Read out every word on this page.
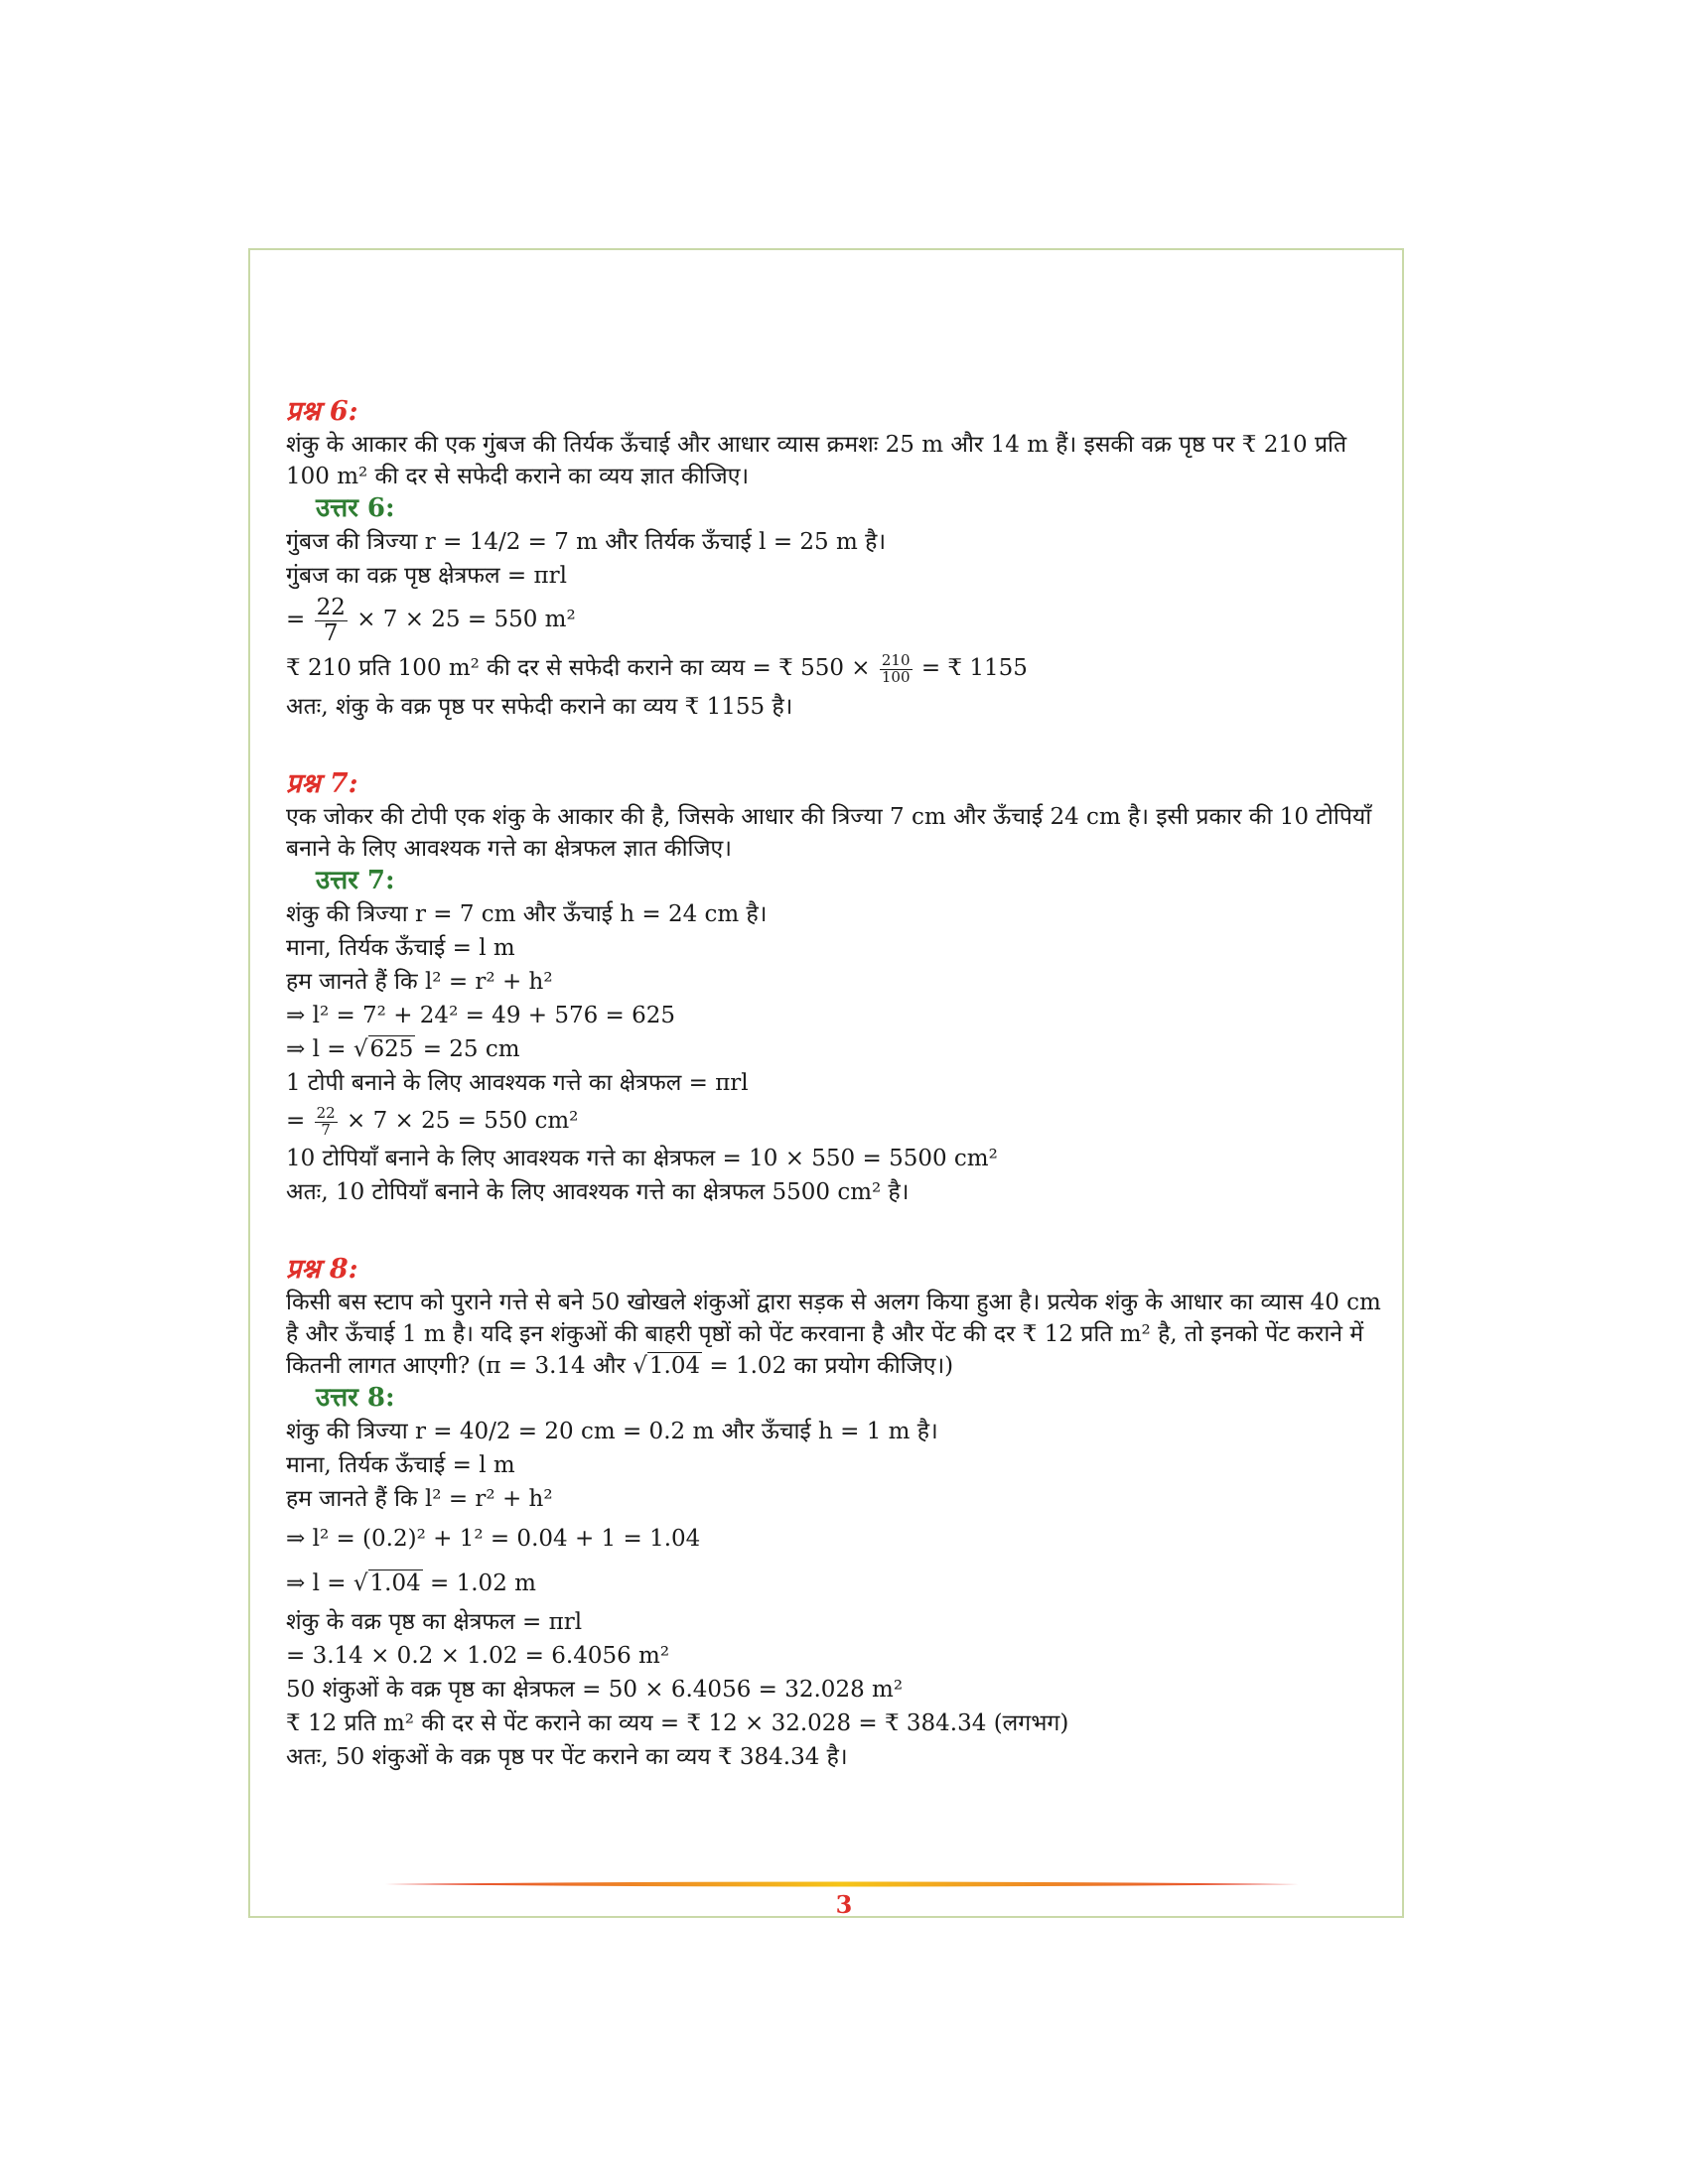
प्रश्न 6:

शंकु के आकार की एक गुंबज की तिर्यक ऊँचाई और आधार व्यास क्रमशः 25 m और 14 m हैं। इसकी वक्र पृष्ठ पर ₹ 210 प्रति 100 m² की दर से सफेदी कराने का व्यय ज्ञात कीजिए।

उत्तर 6:

गुंबज की त्रिज्या r = 14/2 = 7 m और तिर्यक ऊँचाई l = 25 m है।

गुंबज का वक्र पृष्ठ क्षेत्रफल = πrl

= $\frac{22}{7} \times 7 \times 25 = 550$ m²

₹ 210 प्रति 100 m² की दर से सफेदी कराने का व्यय = ₹ $550 \times \frac{210}{100}$ = ₹ 1155

अतः, शंकु के वक्र पृष्ठ पर सफेदी कराने का व्यय ₹ 1155 है।

प्रश्न 7:

एक जोकर की टोपी एक शंकु के आकार की है, जिसके आधार की त्रिज्या 7 cm और ऊँचाई 24 cm है। इसी प्रकार की 10 टोपियाँ बनाने के लिए आवश्यक गत्ते का क्षेत्रफल ज्ञात कीजिए।

उत्तर 7:

शंकु की त्रिज्या r = 7 cm और ऊँचाई h = 24 cm है।

माना, तिर्यक ऊँचाई = l m

हम जानते हैं कि l² = r² + h²

⇒ l² = 7² + 24² = 49 + 576 = 625

⇒ l = √625 = 25 cm

1 टोपी बनाने के लिए आवश्यक गत्ते का क्षेत्रफल = πrl

= $\frac{22}{7} \times 7 \times 25 = 550$ cm²

10 टोपियाँ बनाने के लिए आवश्यक गत्ते का क्षेत्रफल = 10 × 550 = 5500 cm²

अतः, 10 टोपियाँ बनाने के लिए आवश्यक गत्ते का क्षेत्रफल 5500 cm² है।

प्रश्न 8:

किसी बस स्टाप को पुराने गत्ते से बने 50 खोखले शंकुओं द्वारा सड़क से अलग किया हुआ है। प्रत्येक शंकु के आधार का व्यास 40 cm है और ऊँचाई 1 m है। यदि इन शंकुओं की बाहरी पृष्ठों को पेंट करवाना है और पेंट की दर ₹ 12 प्रति m² है, तो इनको पेंट कराने में कितनी लागत आएगी? (π = 3.14 और √1.04 = 1.02 का प्रयोग कीजिए।)

उत्तर 8:

शंकु की त्रिज्या r = 40/2 = 20 cm = 0.2 m और ऊँचाई h = 1 m है।

माना, तिर्यक ऊँचाई = l m

हम जानते हैं कि l² = r² + h²

⇒ l² = (0.2)² + 1² = 0.04 + 1 = 1.04

⇒ l = √1.04 = 1.02 m

शंकु के वक्र पृष्ठ का क्षेत्रफल = πrl

= 3.14 × 0.2 × 1.02 = 6.4056 m²

50 शंकुओं के वक्र पृष्ठ का क्षेत्रफल = 50 × 6.4056 = 32.028 m²

₹ 12 प्रति m² की दर से पेंट कराने का व्यय = ₹ 12 × 32.028 = ₹ 384.34 (लगभग)

अतः, 50 शंकुओं के वक्र पृष्ठ पर पेंट कराने का व्यय ₹ 384.34 है।

3
